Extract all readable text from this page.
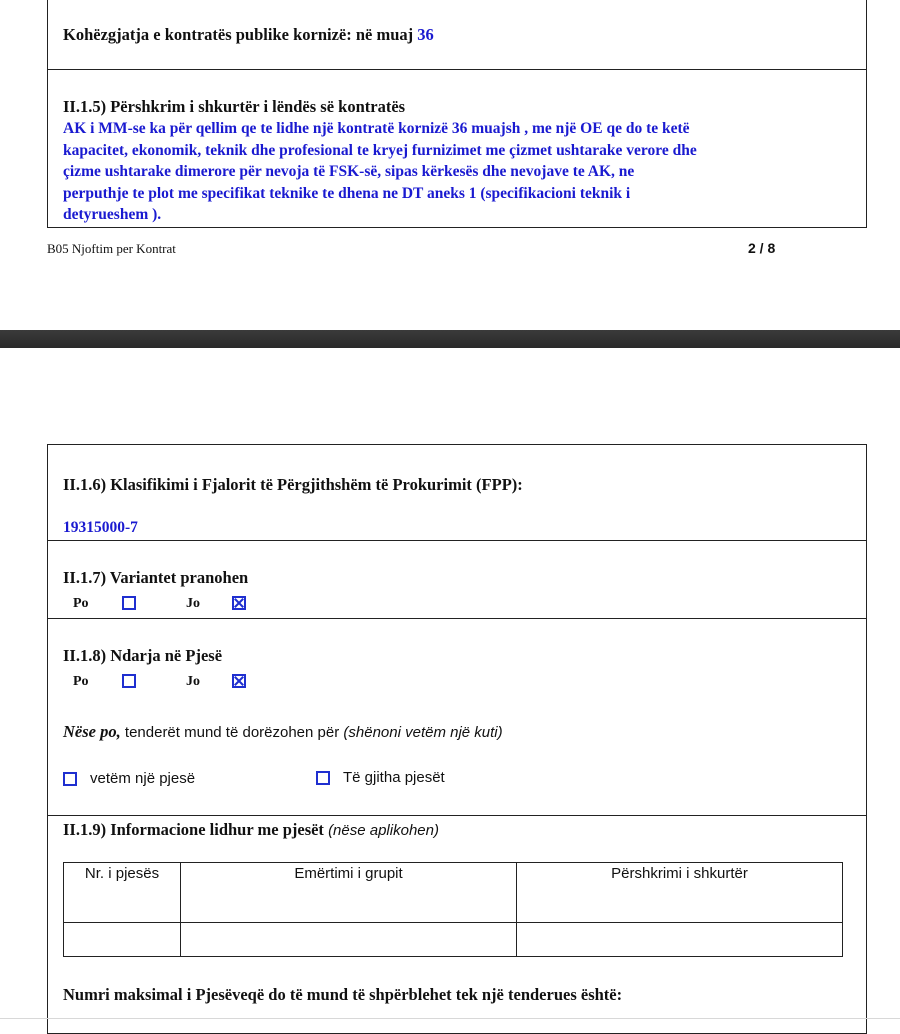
Kohëzgjatja e kontratës publike kornizë: në muaj 36
II.1.5) Përshkrim i shkurtër i lëndës së kontratës
AK i MM-se ka për qellim qe te lidhe një kontratë kornizë 36 muajsh , me një OE qe do te ketë
kapacitet, ekonomik, teknik dhe profesional te kryej furnizimet me çizmet ushtarake verore dhe
çizme ushtarake dimerore për nevoja të FSK-së, sipas kërkesës dhe nevojave te AK, ne
perputhje te plot me specifikat teknike te dhena ne DT aneks 1 (specifikacioni teknik i
detyrueshem ).
B05 Njoftim per Kontrat	2 / 8
II.1.6) Klasifikimi i Fjalorit të Përgjithshëm të Prokurimit (FPP):
19315000-7
II.1.7) Variantet pranohen
Po	Jo
II.1.8) Ndarja në Pjesë
Po	Jo
Nëse po, tenderët mund të dorëzohen për (shënoni vetëm një kuti)
vetëm një pjesë	Të gjitha pjesët
II.1.9) Informacione lidhur me pjesët (nëse aplikohen)
Nr. i pjesës	Emërtimi i grupit	Përshkrimi i shkurtër

Numri maksimal i Pjesëveqë do të mund të shpërblehet tek një tenderues është:
